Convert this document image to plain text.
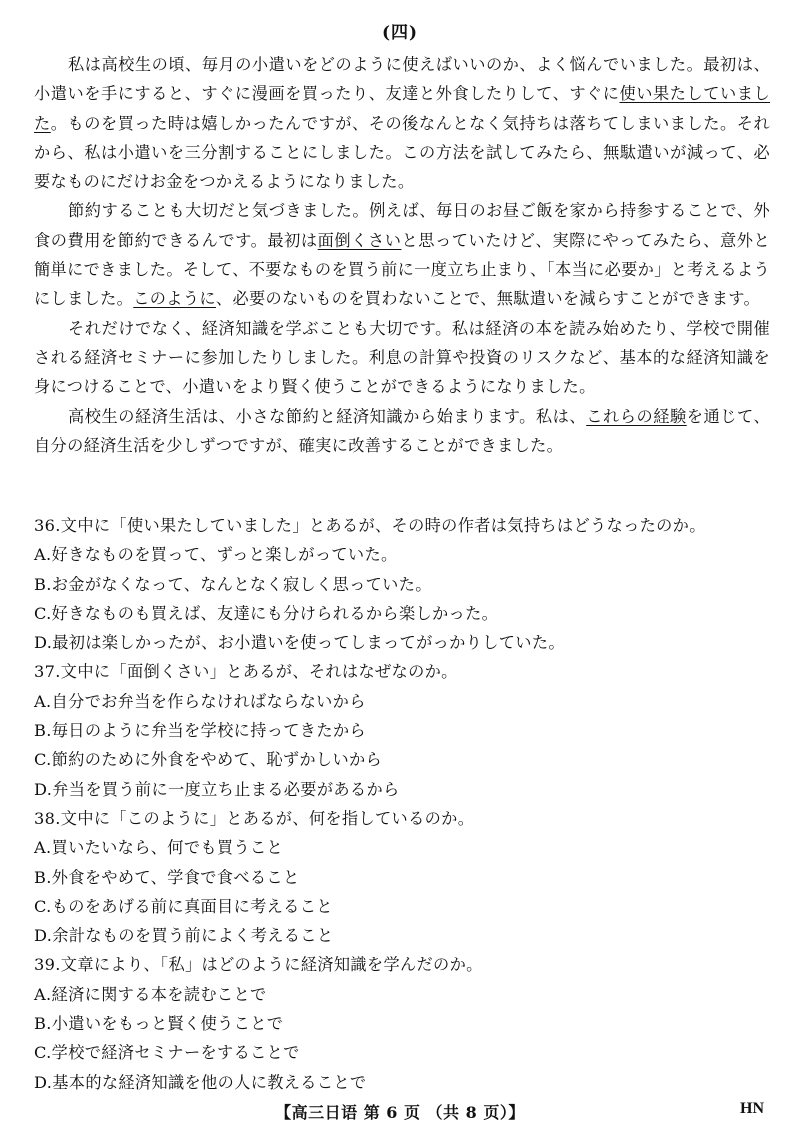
(四)

私は高校生の頃、毎月の小遣いをどのように使えばいいのか、よく悩んでいました。最初は、小遣いを手にすると、すぐに漫画を買ったり、友達と外食したりして、すぐに使い果たしていました。ものを買った時は嬉しかったんですが、その後なんとなく気持ちは落ちてしまいました。それから、私は小遣いを三分割することにしました。この方法を試してみたら、無駄遣いが減って、必要なものにだけお金をつかえるようになりました。

節約することも大切だと気づきました。例えば、毎日のお昼ご飯を家から持参することで、外食の費用を節約できるんです。最初は面倒くさいと思っていたけど、実際にやってみたら、意外と簡単にできました。そして、不要なものを買う前に一度立ち止まり、「本当に必要か」と考えるようにしました。このように、必要のないものを買わないことで、無駄遣いを減らすことができます。

それだけでなく、経済知識を学ぶことも大切です。私は経済の本を読み始めたり、学校で開催される経済セミナーに参加したりしました。利息の計算や投資のリスクなど、基本的な経済知識を身につけることで、小遣いをより賢く使うことができるようになりました。

高校生の経済生活は、小さな節約と経済知識から始まります。私は、これらの経験を通じて、自分の経済生活を少しずつですが、確実に改善することができました。

36.文中に「使い果たしていました」とあるが、その時の作者は気持ちはどうなったのか。
A.好きなものを買って、ずっと楽しがっていた。
B.お金がなくなって、なんとなく寂しく思っていた。
C.好きなものも買えば、友達にも分けられるから楽しかった。
D.最初は楽しかったが、お小遣いを使ってしまってがっかりしていた。
37.文中に「面倒くさい」とあるが、それはなぜなのか。
A.自分でお弁当を作らなければならないから
B.毎日のように弁当を学校に持ってきたから
C.節約のために外食をやめて、恥ずかしいから
D.弁当を買う前に一度立ち止まる必要があるから
38.文中に「このように」とあるが、何を指しているのか。
A.買いたいなら、何でも買うこと
B.外食をやめて、学食で食べること
C.ものをあげる前に真面目に考えること
D.余計なものを買う前によく考えること
39.文章により、「私」はどのように経済知識を学んだのか。
A.経済に関する本を読むことで
B.小遣いをもっと賢く使うことで
C.学校で経済セミナーをすることで
D.基本的な経済知識を他の人に教えることで
【高三日语 第 6 页 （共 8 页）】	HN
